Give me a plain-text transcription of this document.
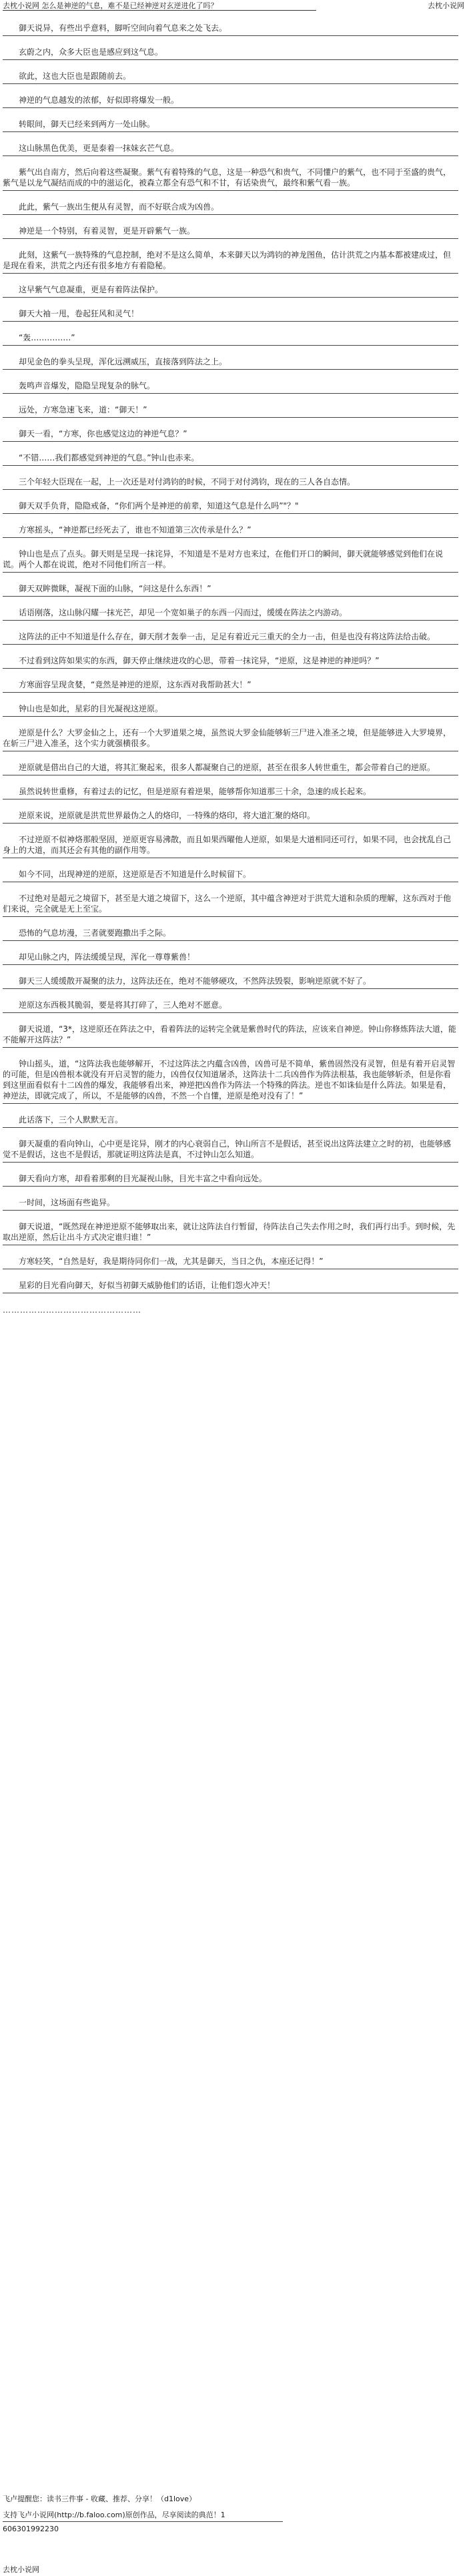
去枕小说网 怎么是神逆的气息，难不是已经神逆对玄逆进化了吗？	去枕小说网
御天说异，有些出乎意料，脚听空间向着气息来之处飞去。
玄蔚之内，众多大臣也是感应到这气息。
欲此，这也大臣也是跟随前去。
神逆的气息越发的浓郁，好似即将爆发一般。
转眼间，御天已经来到两方一处山脉。
这山脉黑色优美，更是泰着一抹妹玄芒气息。
紫气出自南方，然后向着这些凝聚。紫气有着特殊的气息，这是一种恐气和贵气，不同懂户的紫气，也不同于至盛的贵气，紫气是以龙气凝结而成的中的滋运化，被森立都全有恐气和不甘，有话染贵气，最终和紫气看一族。
此此，紫气一族出生便从有灵智，而不好联合成为凶兽。
神逆是一个特别，有着灵智，更是开辟紫气一族。
此刻，这紫气一族特殊的气息控制，绝对不是这么简单，本来御天以为鸿钧的神龙图鱼，估计洪荒之内基本都被建成过，但是现在看来，洪荒之内还有很多地方有着隐秘。
这早紫气气息凝重，更是有着阵法保护。
御天大袖一甩，卷起狂风和灵气！
“轰……………”
却见金色的拳头呈现，浑化远溯威压，直接落到阵法之上。
轰鸣声音爆发，隐隐呈现复杂的脉气。
远处，方寒急速飞来，道：“御天！”
御天一看，“方寒，你也感觉这边的神逆气息？”
“不错……我们都感觉到神逆的气息。”钟山也赤来。
三个年轻大臣现在一起，上一次还是对付鸿钧的时候，不同于对付鸿钧，现在的三人各自态情。
御天双手负背，隐隐戒备，“你们两个是神逆的前辈，知道这气息是什么吗”"？"
方寒摇头，“神逆都已经死去了，谁也不知道第三次传承是什么？”
钟山也是点了点头。御天则是呈现一抹诧异，不知道是不是对方也来过，在他们开口的瞬间，御天就能够感觉到他们在说谎。两个人都在说谎，绝对不同他们所言一样。
御天双眸微眯，凝视下面的山脉，“问这是什么东西！”
话语刚落，这山脉闪耀一抹光芒，却见一个宽如巢子的东西一闪而过，缓缓在阵法之内游动。
这阵法的正中不知道是什么存在，御天削才轰拳一击，足足有着近元三重天的全力一击，但是也没有将这阵法给击破。
不过看到这阵如果实的东西，御天停止继续进攻的心思，带着一抹诧异，“逆原，这是神逆的神逆吗？”
方寒面容呈现贪婪，“竟然是神逆的逆原，这东西对我帮助甚大！”
钟山也是如此，星彩的目光凝视这逆原。
逆原是什么？大罗金仙之上，还有一个大罗道果之境，虽然说大罗金仙能够斩三尸进入准圣之境，但是能够进入大罗境界，在斩三尸进入准圣，这个实力就强横很多。
逆原就是借出自己的大道，将其汇聚起来，很多人都凝聚自己的逆原，甚至在很多人转世重生，都会带着自己的逆原。
虽然说转世重修，有着过去的记忆，但是逆原有着逆果，能够帮你知道那三十余，急速的成长起来。
逆原来说，逆原就是洪荒世界最伪之人的烙印，一特殊的烙印，将大道汇聚的烙印。
不过逆原不似神烙那般坚固，逆原更容易沸散，而且如果西曜他人逆原，如果是大道相同还可行，如果不同，也会扰乱自己身上的大道，而其还会有其他的副作用等。
如今不同，出现神逆的逆原，这逆原是否不知道是什么时候留下。
不过绝对是超元之境留下，甚至是大道之境留下，这么一个逆原，其中蕴含神逆对于洪荒大道和杂质的理解，这东西对于他们来说，完全就是无上至宝。
恐怖的气息坊漫，三者就要跑撒出手之际。
却见山脉之内，阵法缓缓呈现，浑化一尊尊紫兽！
御天三人缓缓散开凝聚的法力，这阵法还在，绝对不能够硬攻，不然阵法毁裂，影响逆原就不好了。
逆原这东西极其脆弱，要是将其打碎了，三人绝对不愿意。
御天说道，“3*，这逆原还在阵法之中，看着阵法的运转完全就是紫兽时代的阵法，应该来自神逆。钟山你修炼阵法大道，能不能解开这阵法？”
钟山摇头，道，“这阵法我也能够解开，不过这阵法之内藴含凶兽，凶兽可是不简单，紫兽固然没有灵智，但是有着开启灵智的可能，但是凶兽根本就没有开启灵智的能力，凶兽仅仅知道屠杀，这阵法十二兵凶兽作为阵法根基，我也能够斩杀，但是你看到这里面看似有十二凶兽的爆发，我能够看出来，神逆把凶兽作为阵法一个特殊的阵法。逆也不如诛仙是什么阵法。如果是看，神逆法，即就完成了，所以，不是能够的凶兽，不然一个自懂，逆原是绝对没有了！”
此话落下，三个人默默无言。
御天凝重的看向钟山，心中更是诧异，刚才的内心衰弱自己，钟山所言不是假话，甚至说出这阵法建立之时的初，也能够感觉不是假话，这也不是假话，那就证明这阵法是真，不过钟山怎么知道。
御天看向方寒，却看着那剩的目光凝视山脉，目光丰富之中看向远处。
一时间，这场面有些诡异。
御天说道，“既然现在神逆逆原不能够取出来，就让这阵法自行暂留，待阵法自己失去作用之时，我们再行出手。到时候，先取出逆原，然后让出斗方式决定谁归谁！”
方寒轻笑，“自然是好，我是期待同你们一战，尤其是御天，当日之仇，本座还记得！”
星彩的目光看向御天，好似当初御天威胁他们的话语，让他们怨火冲天！
…………………………………………
飞卢提醒您：读书三件事 - 收藏、推荐、分享！（d1love）
支持飞卢小说网(http://b.faloo.com)原创作品，尽享阅读的典范！1
606301992230
去枕小说网
